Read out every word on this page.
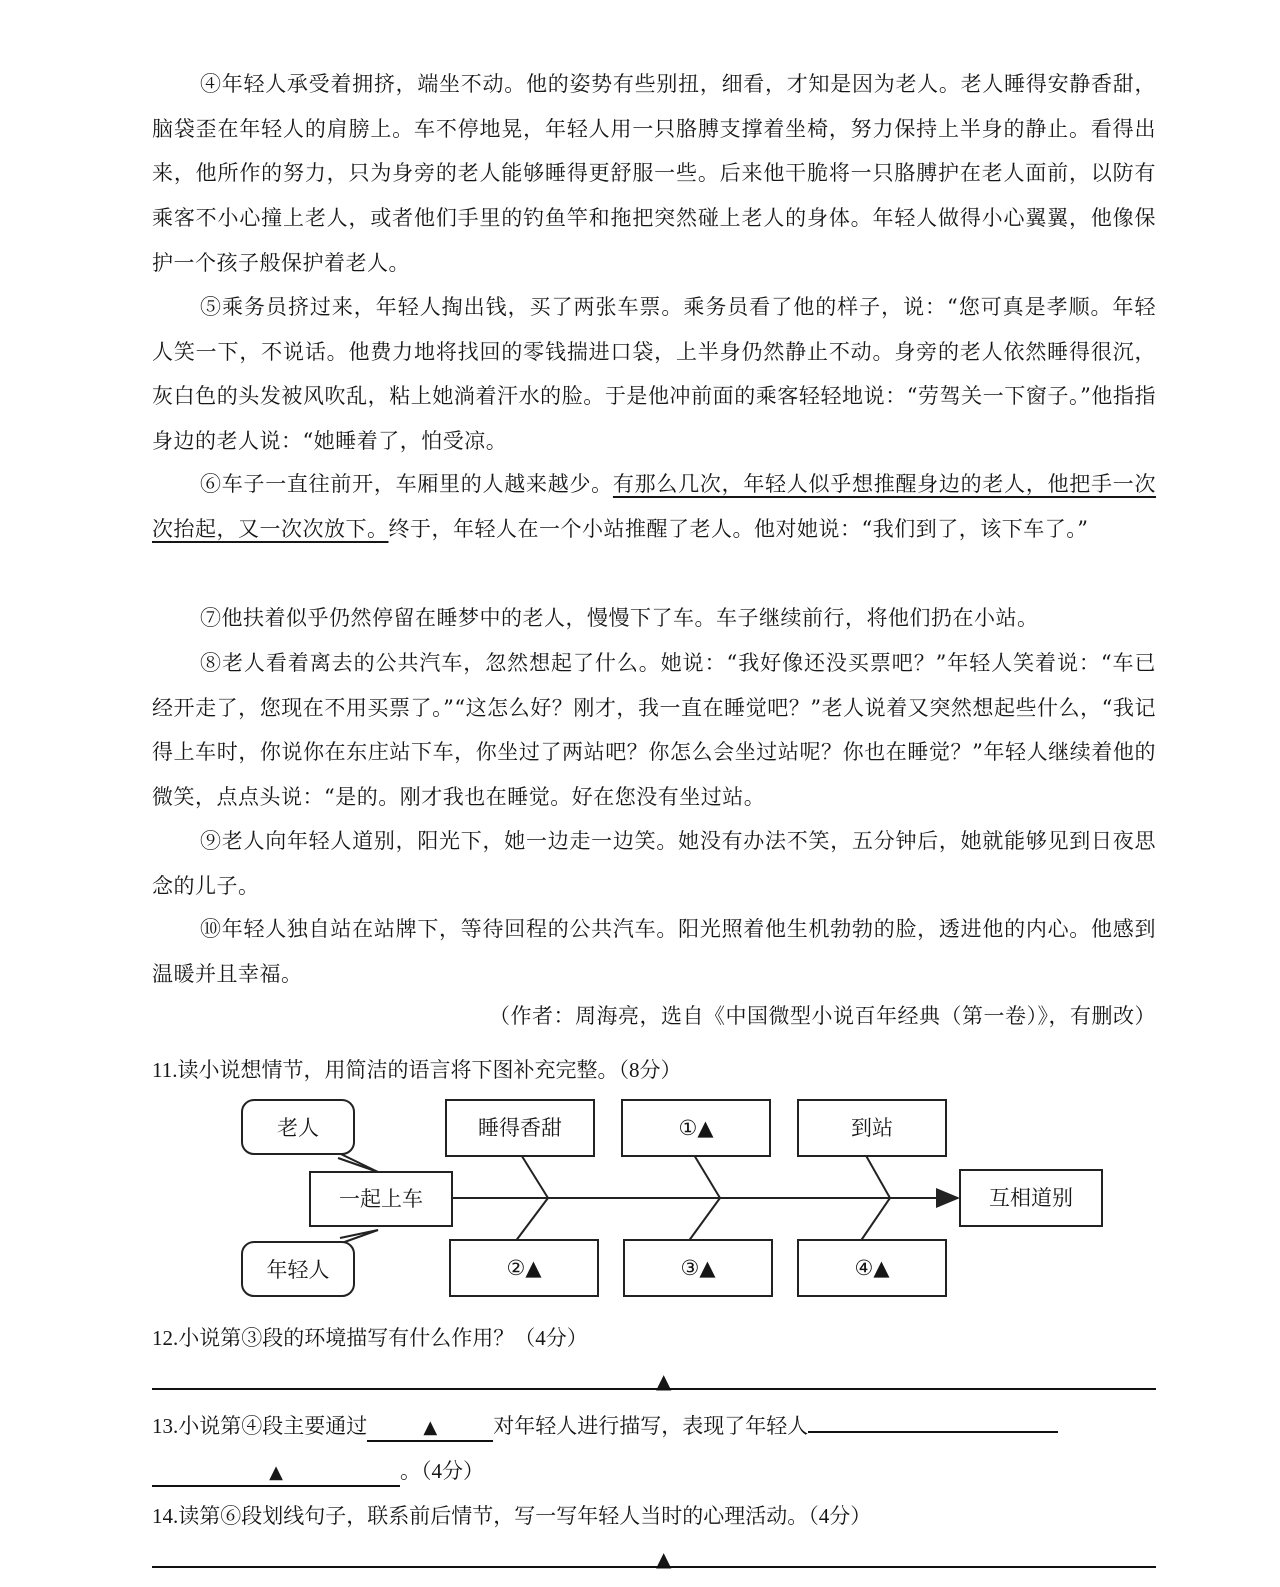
④年轻人承受着拥挤，端坐不动。他的姿势有些别扭，细看，才知是因为老人。老人睡得安静香甜，脑袋歪在年轻人的肩膀上。车不停地晃，年轻人用一只胳膊支撑着坐椅，努力保持上半身的静止。看得出来，他所作的努力，只为身旁的老人能够睡得更舒服一些。后来他干脆将一只胳膊护在老人面前，以防有乘客不小心撞上老人，或者他们手里的钓鱼竿和拖把突然碰上老人的身体。年轻人做得小心翼翼，他像保护一个孩子般保护着老人。

⑤乘务员挤过来，年轻人掏出钱，买了两张车票。乘务员看了他的样子，说：“您可真是孝顺。年轻人笑一下，不说话。他费力地将找回的零钱揣进口袋，上半身仍然静止不动。身旁的老人依然睡得很沉，灰白色的头发被风吹乱，粘上她淌着汗水的脸。于是他冲前面的乘客轻轻地说：“劳驾关一下窗子。”他指指身边的老人说：“她睡着了，怕受凉。

⑥车子一直往前开，车厢里的人越来越少。有那么几次，年轻人似乎想推醒身边的老人，他把手一次次抬起，又一次次放下。终于，年轻人在一个小站推醒了老人。他对她说：“我们到了，该下车了。”

⑦他扶着似乎仍然停留在睡梦中的老人，慢慢下了车。车子继续前行，将他们扔在小站。

⑧老人看着离去的公共汽车，忽然想起了什么。她说：“我好像还没买票吧？”年轻人笑着说：“车已经开走了，您现在不用买票了。”“这怎么好？刚才，我一直在睡觉吧？”老人说着又突然想起些什么，“我记得上车时，你说你在东庄站下车，你坐过了两站吧？你怎么会坐过站呢？你也在睡觉？”年轻人继续着他的微笑，点点头说：“是的。刚才我也在睡觉。好在您没有坐过站。

⑨老人向年轻人道别，阳光下，她一边走一边笑。她没有办法不笑，五分钟后，她就能够见到日夜思念的儿子。

⑩年轻人独自站在站牌下，等待回程的公共汽车。阳光照着他生机勃勃的脸，透进他的内心。他感到温暖并且幸福。

（作者：周海亮，选自《中国微型小说百年经典（第一卷）》，有删改）

11.读小说想情节，用简洁的语言将下图补充完整。（8分）

老人
年轻人
一起上车
睡得香甜	①▲	到站
互相道别
②▲	③▲	④▲

12.小说第③段的环境描写有什么作用？（4分）

▲

13.小说第④段主要通过	▲	对年轻人进行描写，表现了年轻人

▲	。（4分）

14.读第⑥段划线句子，联系前后情节，写一写年轻人当时的心理活动。（4分）

▲
